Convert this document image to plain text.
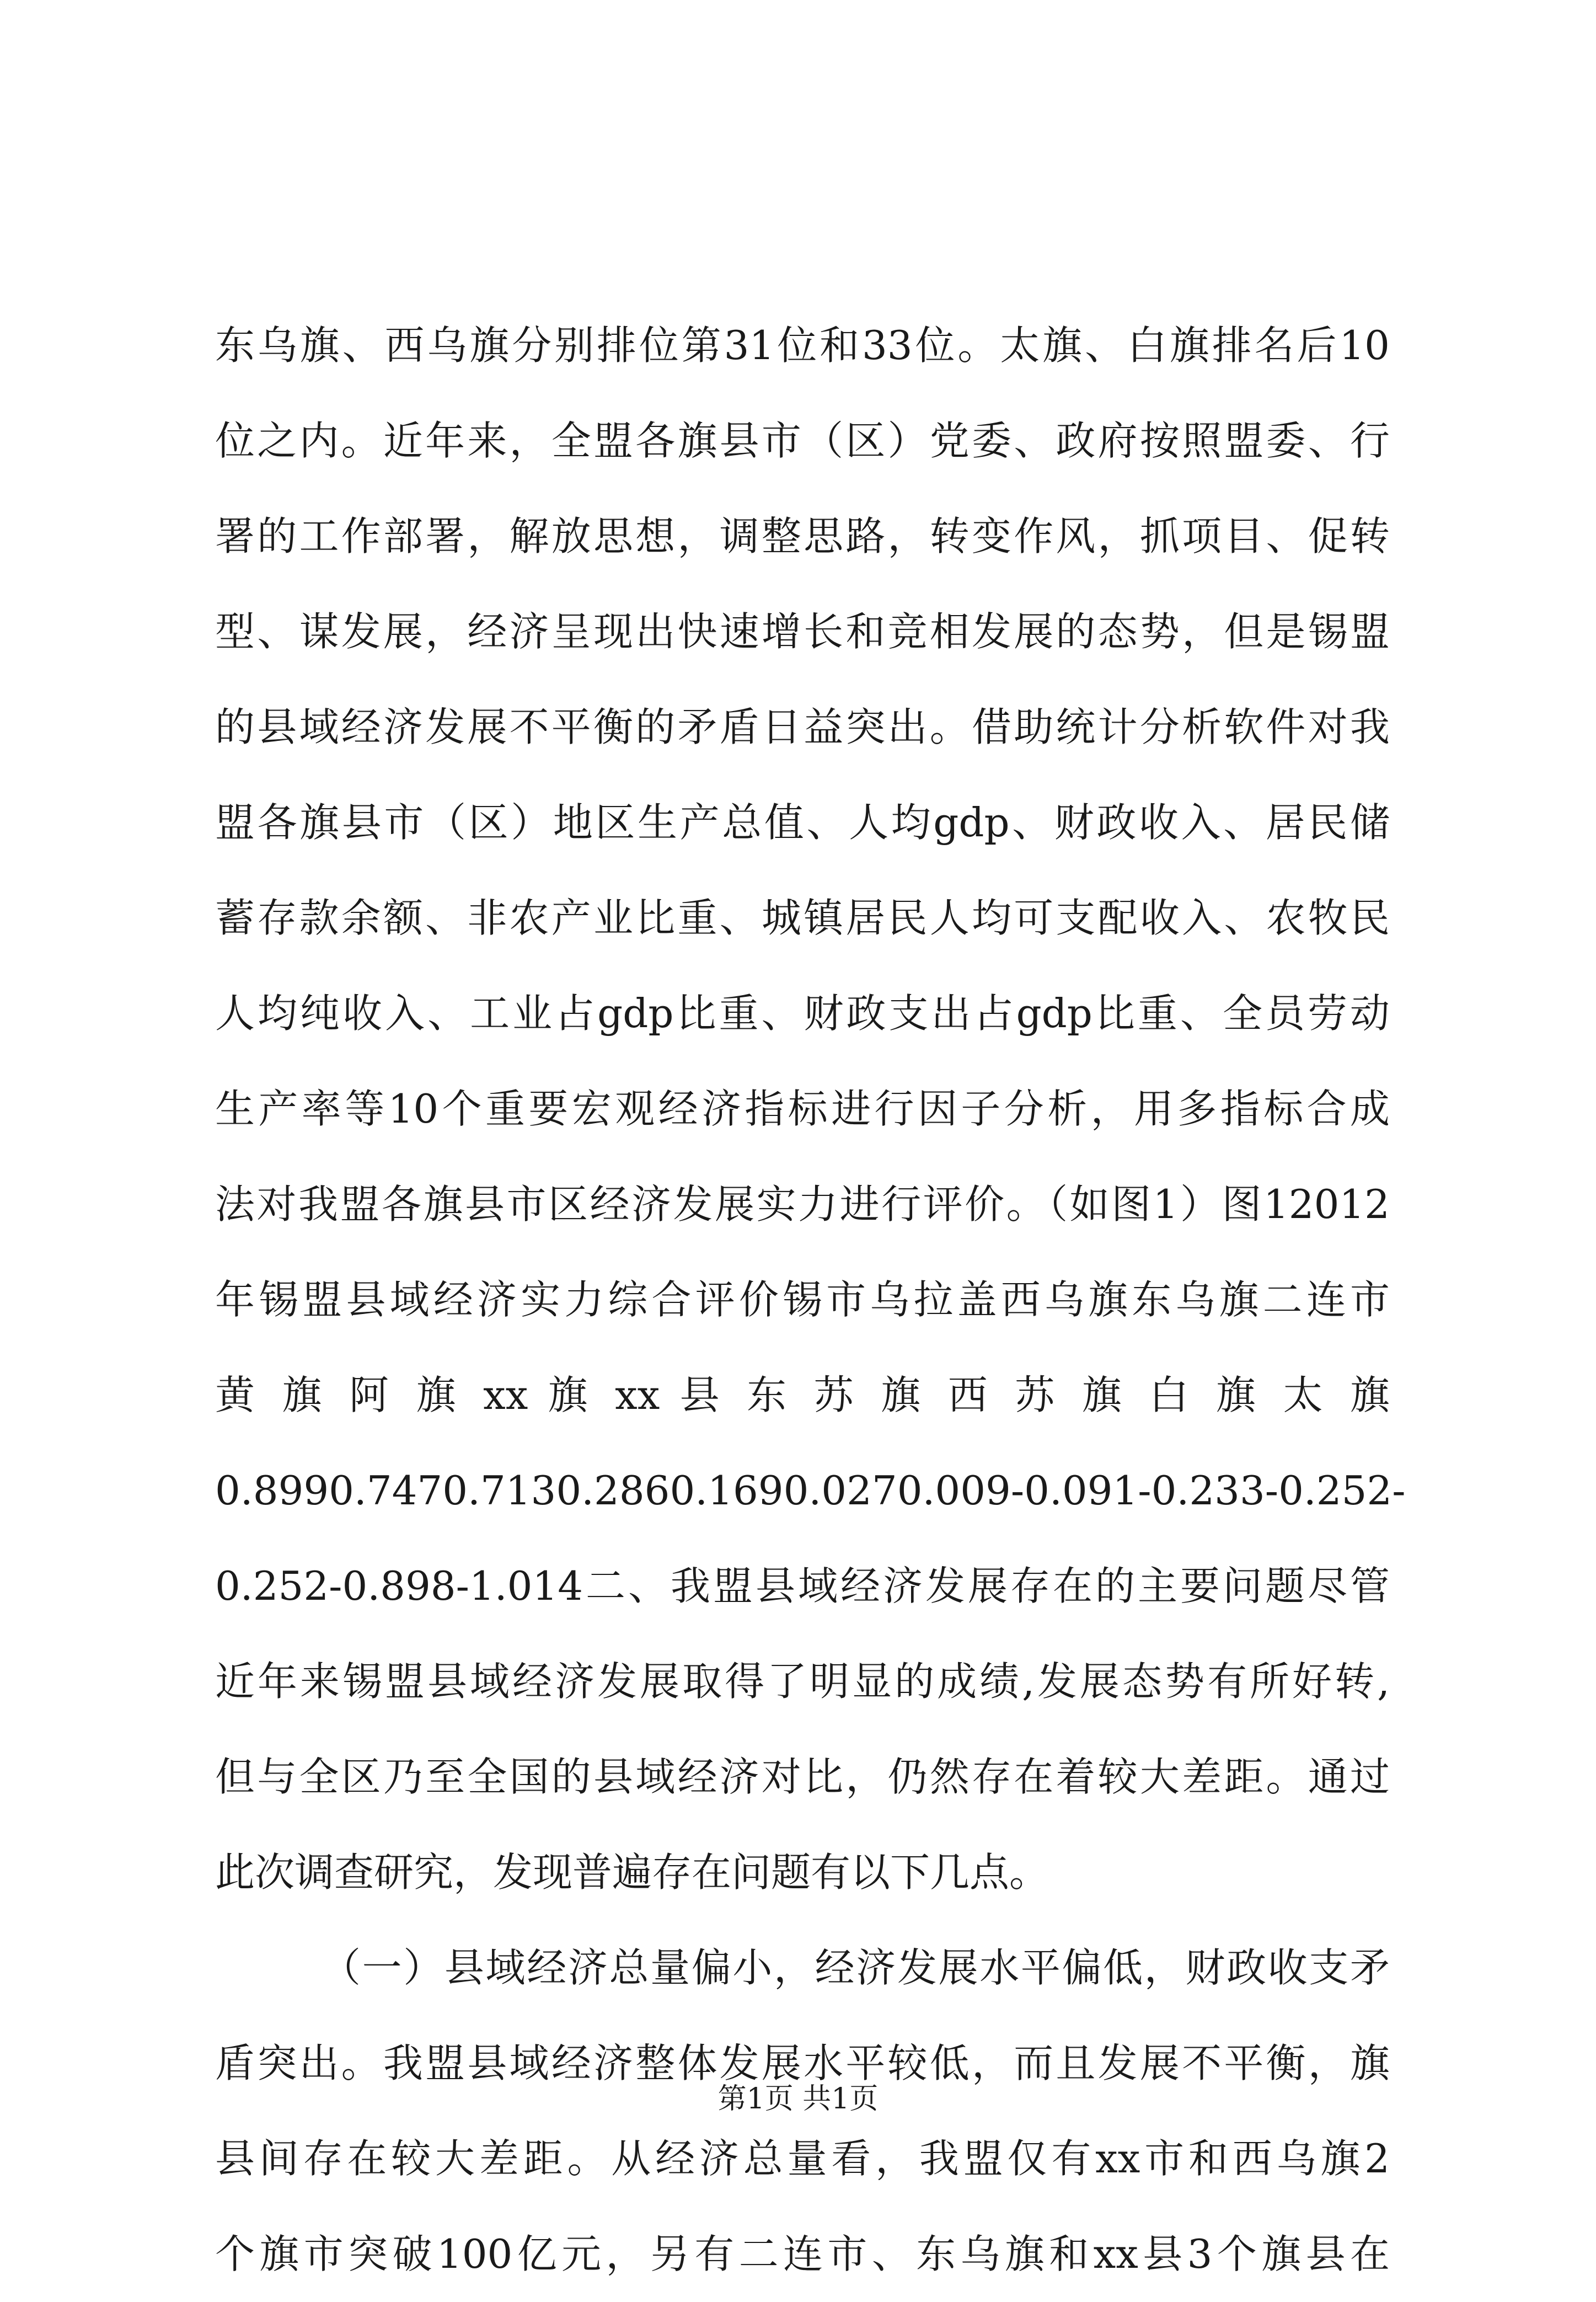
东乌旗、西乌旗分别排位第31位和33位。太旗、白旗排名后10
位之内。近年来，全盟各旗县市（区）党委、政府按照盟委、行
署的工作部署，解放思想，调整思路，转变作风，抓项目、促转
型、谋发展，经济呈现出快速增长和竞相发展的态势，但是锡盟
的县域经济发展不平衡的矛盾日益突出。借助统计分析软件对我
盟各旗县市（区）地区生产总值、人均gdp、财政收入、居民储
蓄存款余额、非农产业比重、城镇居民人均可支配收入、农牧民
人均纯收入、工业占gdp比重、财政支出占gdp比重、全员劳动
生产率等10个重要宏观经济指标进行因子分析，用多指标合成
法对我盟各旗县市区经济发展实力进行评价。（如图1）图12012
年锡盟县域经济实力综合评价锡市乌拉盖西乌旗东乌旗二连市
黄 旗 阿 旗 xx 旗 xx 县 东 苏 旗 西 苏 旗 白 旗 太 旗
0.8990.7470.7130.2860.1690.0270.009-0.091-0.233-0.252-
0.252-0.898-1.014二、我盟县域经济发展存在的主要问题尽管
近年来锡盟县域经济发展取得了明显的成绩,发展态势有所好转,
但与全区乃至全国的县域经济对比，仍然存在着较大差距。通过
此次调查研究，发现普遍存在问题有以下几点。
（一）县域经济总量偏小，经济发展水平偏低，财政收支矛
盾突出。我盟县域经济整体发展水平较低，而且发展不平衡，旗
县间存在较大差距。从经济总量看，我盟仅有xx市和西乌旗2
个旗市突破100亿元，另有二连市、东乌旗和xx县3个旗县在
第1页 共1页
